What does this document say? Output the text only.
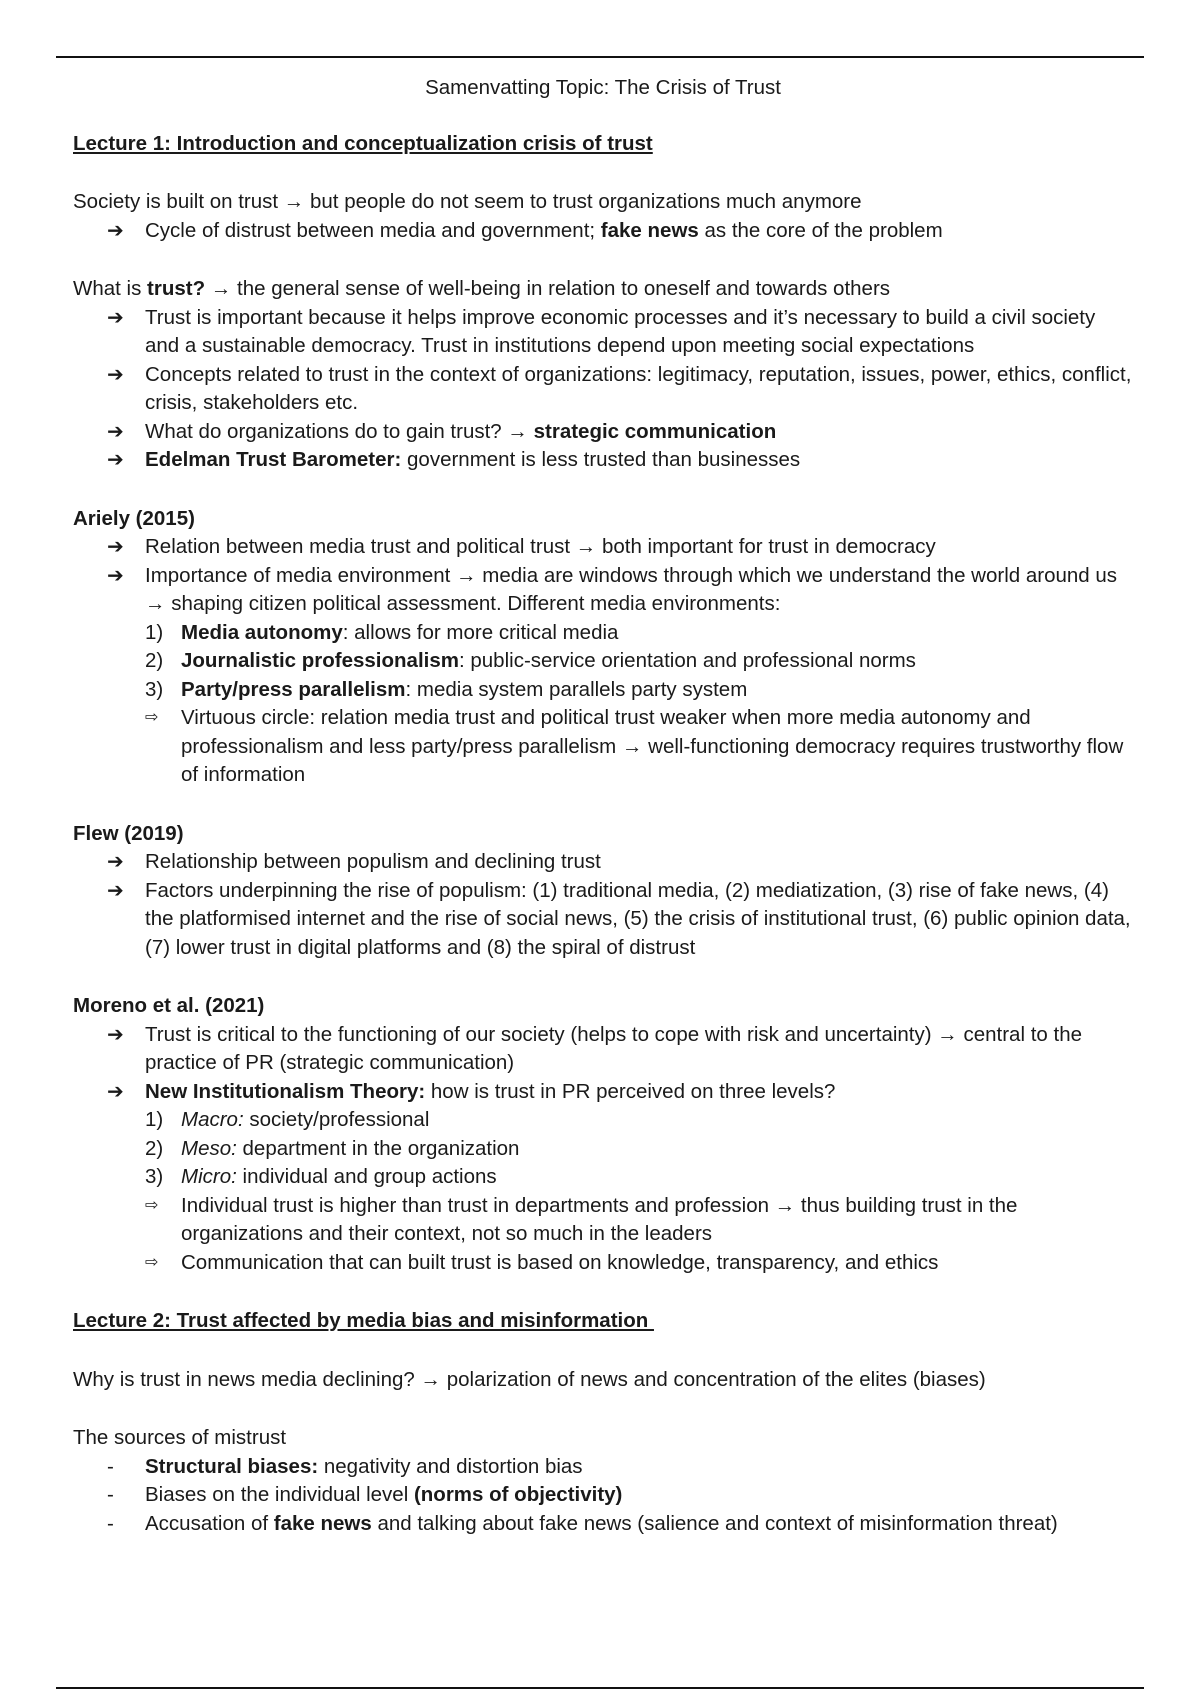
Samenvatting Topic: The Crisis of Trust

Lecture 1: Introduction and conceptualization crisis of trust

Society is built on trust → but people do not seem to trust organizations much anymore

➔ Cycle of distrust between media and government; fake news as the core of the problem

What is trust? → the general sense of well-being in relation to oneself and towards others

➔ Trust is important because it helps improve economic processes and it’s necessary to build a civil society and a sustainable democracy. Trust in institutions depend upon meeting social expectations

➔ Concepts related to trust in the context of organizations: legitimacy, reputation, issues, power, ethics, conflict, crisis, stakeholders etc.

➔ What do organizations do to gain trust? → strategic communication

➔ Edelman Trust Barometer: government is less trusted than businesses

Ariely (2015)

➔ Relation between media trust and political trust → both important for trust in democracy

➔ Importance of media environment → media are windows through which we understand the world around us → shaping citizen political assessment. Different media environments:

1) Media autonomy: allows for more critical media

2) Journalistic professionalism: public-service orientation and professional norms

3) Party/press parallelism: media system parallels party system

⇨ Virtuous circle: relation media trust and political trust weaker when more media autonomy and professionalism and less party/press parallelism → well-functioning democracy requires trustworthy flow of information

Flew (2019)

➔ Relationship between populism and declining trust

➔ Factors underpinning the rise of populism: (1) traditional media, (2) mediatization, (3) rise of fake news, (4) the platformised internet and the rise of social news, (5) the crisis of institutional trust, (6) public opinion data, (7) lower trust in digital platforms and (8) the spiral of distrust

Moreno et al. (2021)

➔ Trust is critical to the functioning of our society (helps to cope with risk and uncertainty) → central to the practice of PR (strategic communication)

➔ New Institutionalism Theory: how is trust in PR perceived on three levels?

1) Macro: society/professional

2) Meso: department in the organization

3) Micro: individual and group actions

⇨ Individual trust is higher than trust in departments and profession → thus building trust in the organizations and their context, not so much in the leaders

⇨ Communication that can built trust is based on knowledge, transparency, and ethics

Lecture 2: Trust affected by media bias and misinformation

Why is trust in news media declining? → polarization of news and concentration of the elites (biases)

The sources of mistrust

- Structural biases: negativity and distortion bias

- Biases on the individual level (norms of objectivity)

- Accusation of fake news and talking about fake news (salience and context of misinformation threat)
